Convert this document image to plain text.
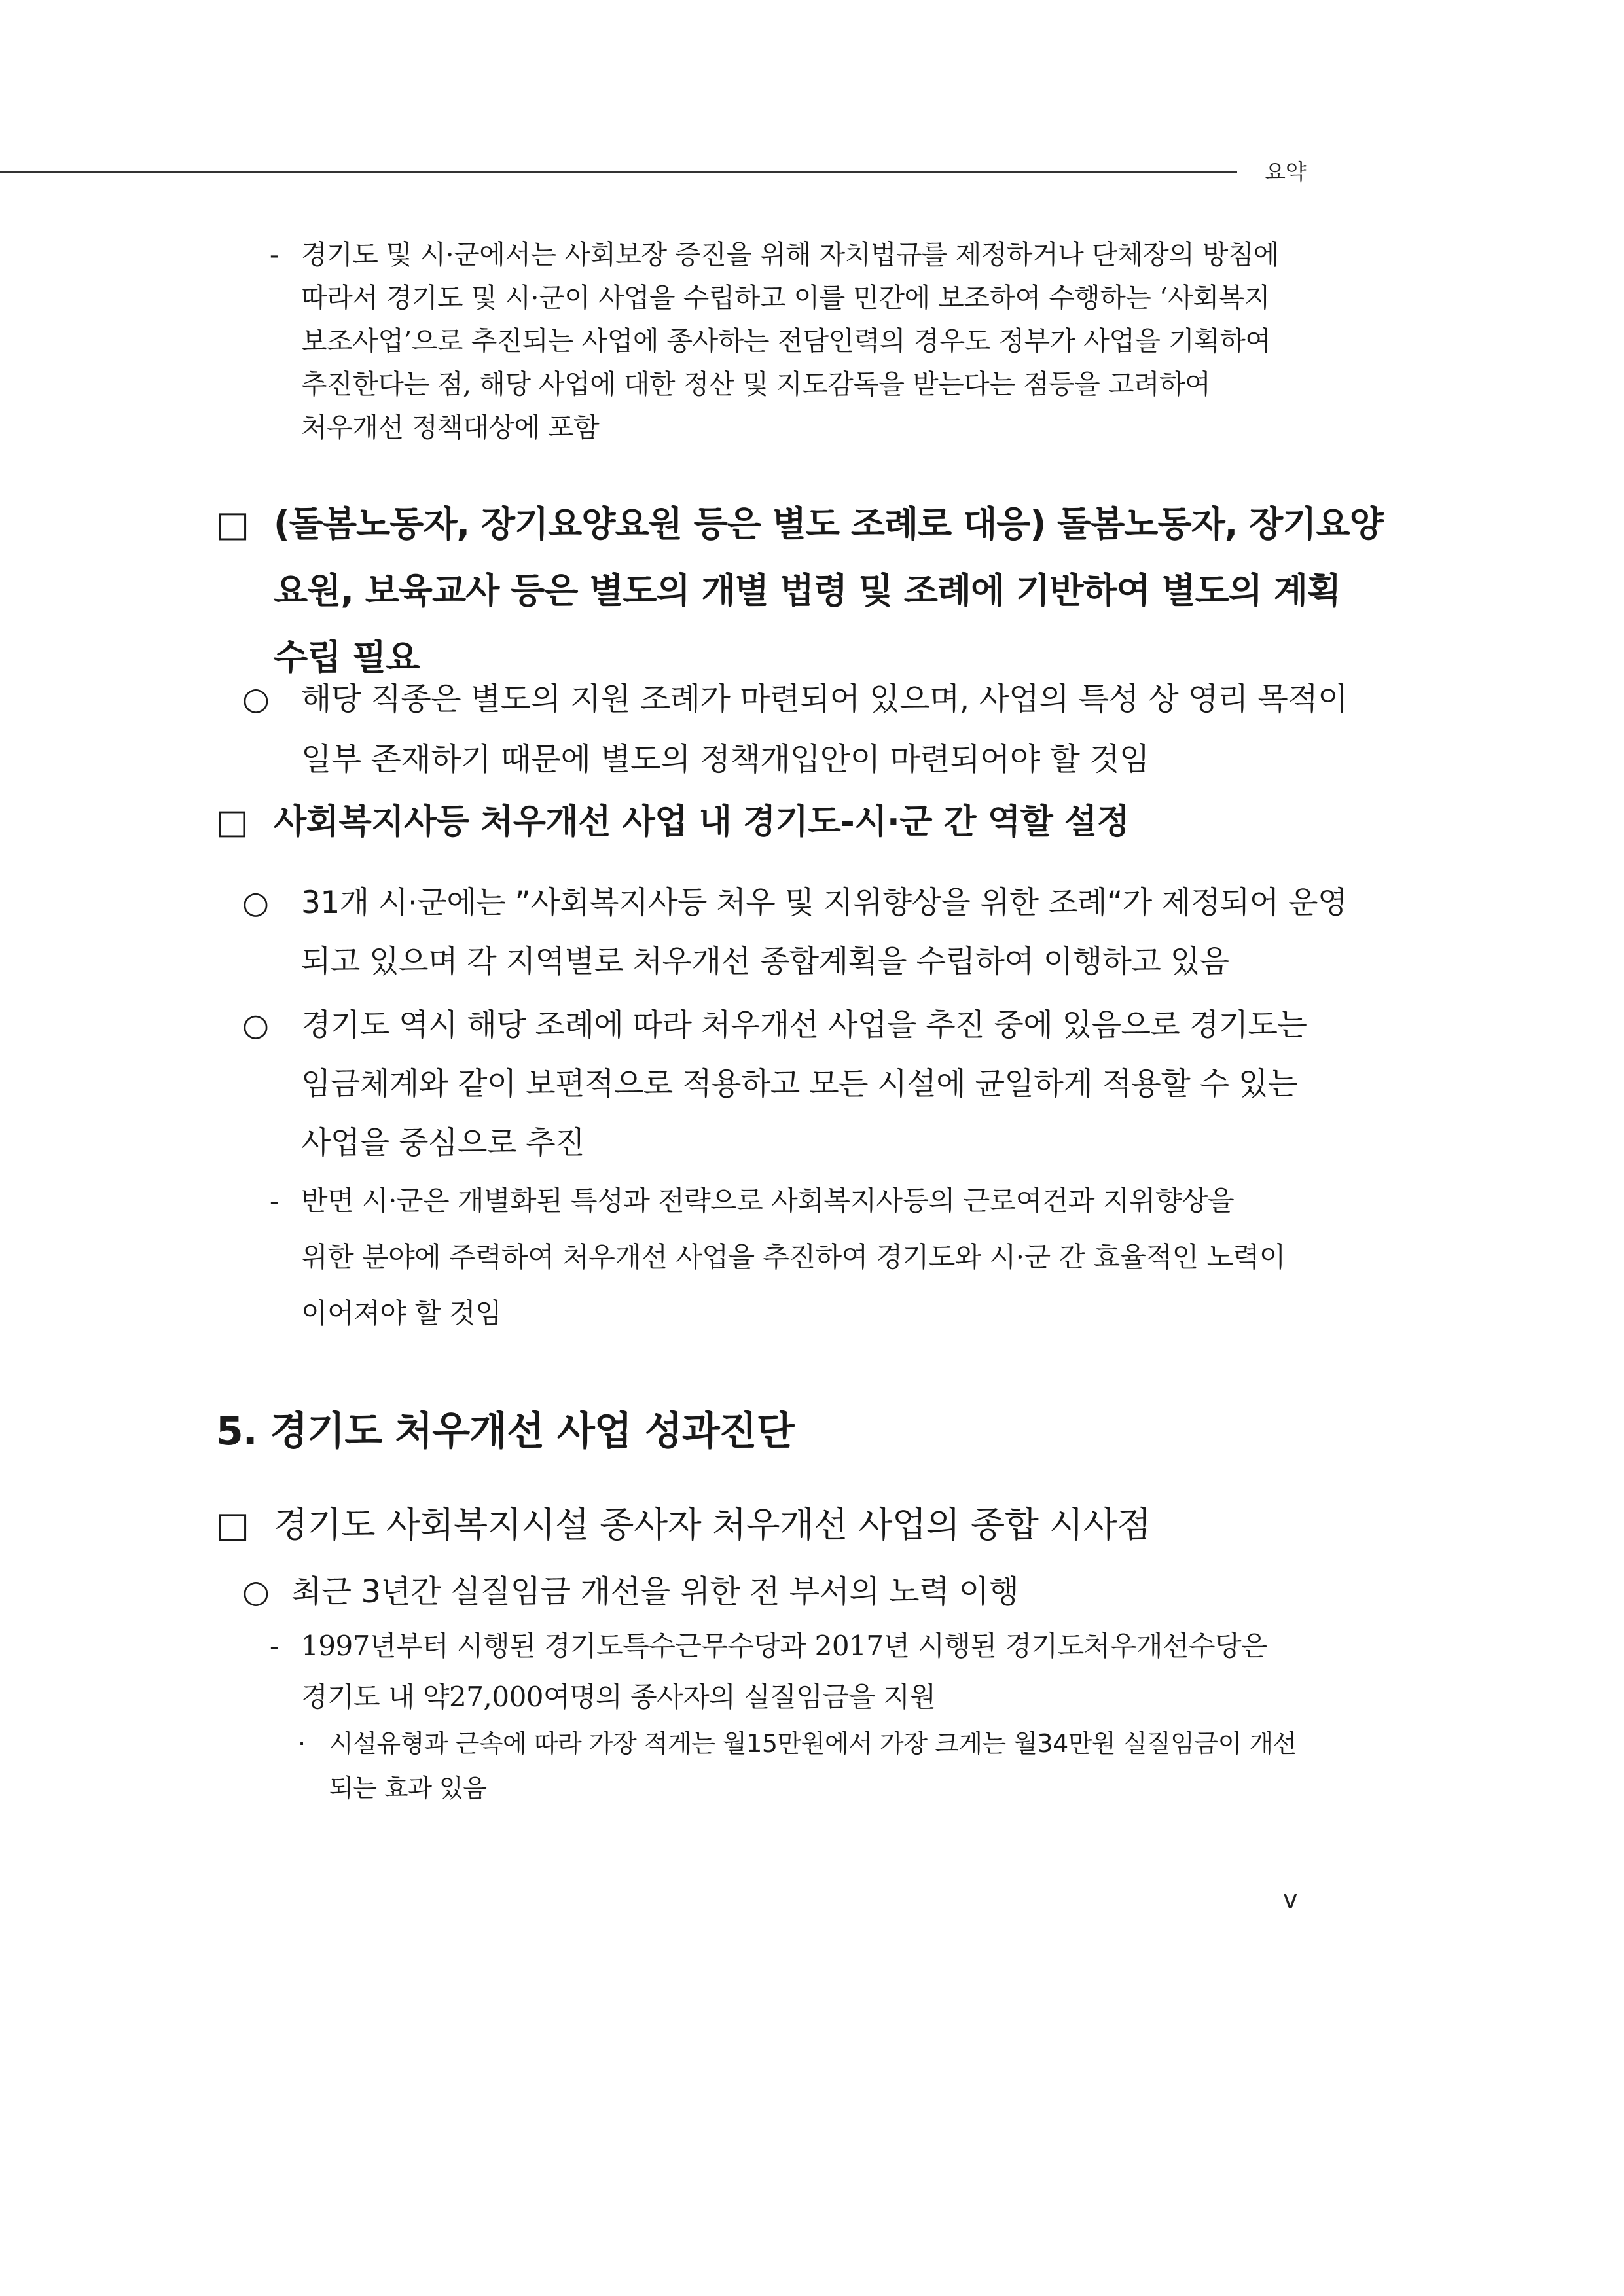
요약
- 경기도 및 시·군에서는 사회보장 증진을 위해 자치법규를 제정하거나 단체장의 방침에
따라서 경기도 및 시·군이 사업을 수립하고 이를 민간에 보조하여 수행하는 ‘사회복지
보조사업’으로 추진되는 사업에 종사하는 전담인력의 경우도 정부가 사업을 기획하여
추진한다는 점, 해당 사업에 대한 정산 및 지도감독을 받는다는 점등을 고려하여
처우개선 정책대상에 포함
□ (돌봄노동자, 장기요양요원 등은 별도 조례로 대응) 돌봄노동자, 장기요양
요원, 보육교사 등은 별도의 개별 법령 및 조례에 기반하여 별도의 계획
수립 필요
○ 해당 직종은 별도의 지원 조례가 마련되어 있으며, 사업의 특성 상 영리 목적이
일부 존재하기 때문에 별도의 정책개입안이 마련되어야 할 것임
□ 사회복지사등 처우개선 사업 내 경기도-시·군 간 역할 설정
○ 31개 시·군에는 ”사회복지사등 처우 및 지위향상을 위한 조례“가 제정되어 운영
되고 있으며 각 지역별로 처우개선 종합계획을 수립하여 이행하고 있음
○ 경기도 역시 해당 조례에 따라 처우개선 사업을 추진 중에 있음으로 경기도는
임금체계와 같이 보편적으로 적용하고 모든 시설에 균일하게 적용할 수 있는
사업을 중심으로 추진
- 반면 시·군은 개별화된 특성과 전략으로 사회복지사등의 근로여건과 지위향상을
위한 분야에 주력하여 처우개선 사업을 추진하여 경기도와 시·군 간 효율적인 노력이
이어져야 할 것임
5. 경기도 처우개선 사업 성과진단
□ 경기도 사회복지시설 종사자 처우개선 사업의 종합 시사점
○ 최근 3년간 실질임금 개선을 위한 전 부서의 노력 이행
- 1997년부터 시행된 경기도특수근무수당과 2017년 시행된 경기도처우개선수당은
경기도 내 약27,000여명의 종사자의 실질임금을 지원
· 시설유형과 근속에 따라 가장 적게는 월15만원에서 가장 크게는 월34만원 실질임금이 개선
되는 효과 있음
v
